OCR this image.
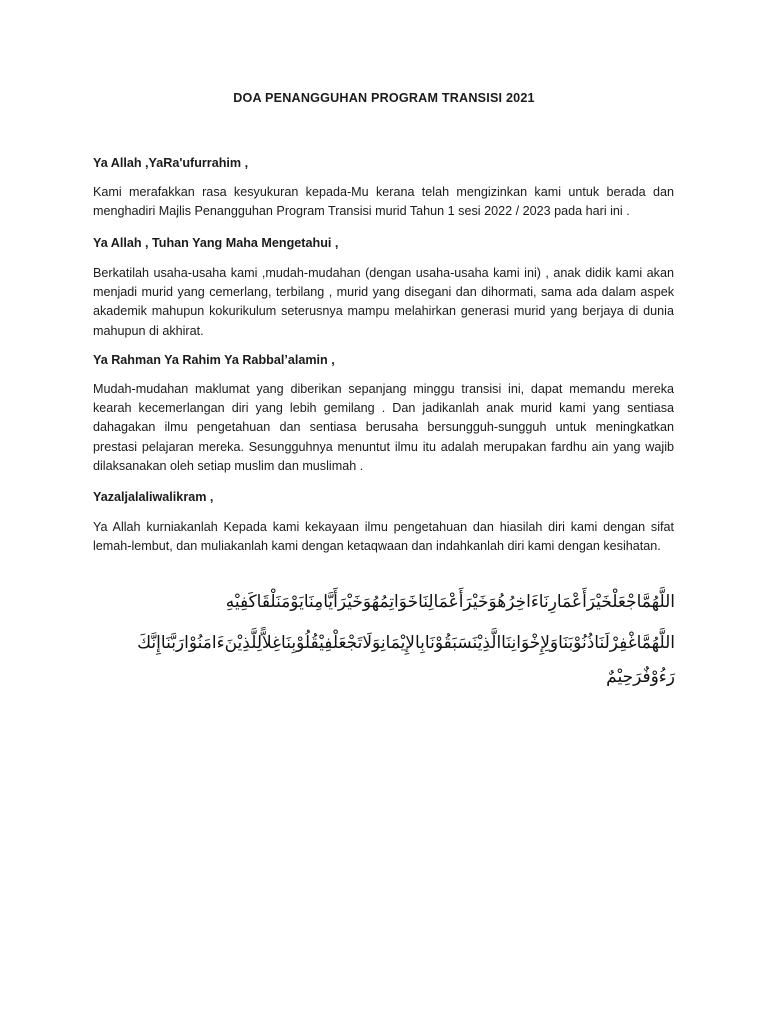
DOA PENANGGUHAN PROGRAM TRANSISI 2021
Ya Allah ,YaRa'ufurrahim ,

Kami merafakkan rasa kesyukuran kepada-Mu kerana telah mengizinkan kami untuk berada dan menghadiri Majlis Penangguhan Program Transisi murid Tahun 1 sesi 2022 / 2023 pada hari ini .

Ya Allah , Tuhan Yang Maha Mengetahui ,

Berkatilah usaha-usaha kami ,mudah-mudahan (dengan usaha-usaha kami ini) , anak didik kami akan menjadi murid yang cemerlang, terbilang , murid yang disegani dan dihormati, sama ada dalam aspek akademik mahupun kokurikulum seterusnya mampu melahirkan generasi murid yang berjaya di dunia mahupun di akhirat.

Ya Rahman Ya Rahim Ya Rabbal’alamin ,

Mudah-mudahan maklumat yang diberikan sepanjang minggu transisi ini, dapat memandu mereka kearah kecemerlangan diri yang lebih gemilang . Dan jadikanlah anak murid kami yang sentiasa dahagakan ilmu pengetahuan dan sentiasa berusaha bersungguh-sungguh untuk meningkatkan prestasi pelajaran mereka. Sesungguhnya menuntut ilmu itu adalah merupakan fardhu ain yang wajib dilaksanakan oleh setiap muslim dan muslimah .

Yazaljalaliwalikram ,

Ya Allah kurniakanlah Kepada kami kekayaan ilmu pengetahuan dan hiasilah diri kami dengan sifat lemah-lembut, dan muliakanlah kami dengan ketaqwaan dan indahkanlah diri kami dengan kesihatan.

اللَّهُمَّاجْعَلْخَيْرَأَعْمَارِنَاءَاخِرُهُوَخَيْرَأَعْمَالِنَاخَوَاتِمُهُوَخَيْرَأَيَّامِنَايَوْمَنَلْقَاكَفِيْهِ
اللَّهُمَّاغْفِرْلَنَاذُنُوْبَنَاوَلِإِخْوَانِنَاالَّذِيْنَسَبَقُوْنَابِالإِيْمَانِوَلَاتَجْعَلْفِيْقُلُوْبِنَاغِلاًّلِلَّذِيْنَءَامَنُوْارَبَّنَاإِنَّكَ رَءُوْفٌرَحِيْمٌ
